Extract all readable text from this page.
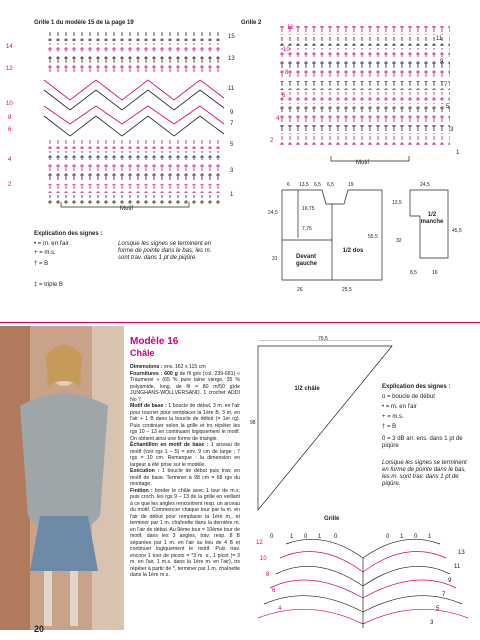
Grille 1 du modèle 15 de la page 19	Grille 2
14
12
10
8
6
4
2
15
13
11
9
7
5
3
1
Motif
12
10
8
6
4
2
11
9
7
5
3
1
Motif
Explication des signes :
• = m. en l'air
+ = m.s.
† = B
‡ = triple B
Lorsque les signes se terminent en forme de pointe dans le bas, les m. sont trav. dans 1 pt de piqûre.
6 13,5 6,5 6,5	19
24,5
31
16,75
7,75
55,5
26	25,5
Devant gauche
1/2 dos
24,5
13,5
32
45,5
8,5	16
1/2 manche
Modèle 16
Châle

Dimensions : env. 162 x 115 cm

Fournitures : 600 g de fil gris (col. 239-681) « Träumerei » (65 % pure laine vierge, 35 % polyamide, long. de fil = 80 m/50 g)de JUNGHANS-WOLLVERSAND. 1 crochet ADDI No 7

Motif de base : 1 boucle de début, 3 m. en l'air pour tourner pour remplacer la 1ère B, 3 m. en l'air + 1 B dans la boucle de début (= 1er rg). Puis continuer selon la grille et trs répéter les rgs 10 – 13 en continuant logiquement le motif. On obtient ainsi une forme de triangle.

Échantillon en motif de base : 1 arceau de motif (voir rgs 1 – 5) = env. 9 cm de large ; 7 rgs = 10 cm. Remarque : la dimension en largeur a été prise sur le modèle.

Exécution : 1 boucle de début puis trav. en motif de base. Terminer à 98 cm = 68 rgs du montage.

Finition : border le châle avec 1 tour de m.s. puis croch. les rgs 9 – 13 de la grille en veillant à ce que les angles rencontrent resp. un arceau du motif. Commencer chaque tour par la m. en l'air de début pour remplacer la 1ère m., et terminer par 1 m. chaînette dans la dernière m. en l'air de début. Au 9ème tour = 10ème tour de motif, dans les 3 angles, trav. resp. 8 B séparées par 1 m. en l'air au lieu de 4 B et continuer logiquement le motif. Puis trav. encore 1 tour de picots = *3 m. s., 1 picot (= 3 m. en l'air, 1 m.s. dans la 1ère m. en l'air), trs répéter à partir de *, terminer par 1 m. chaînette dans la 1ère m.s.

76,5
98
1/2 châle
Grille
Explication des signes :
o = boucle de début
• = m. en l'air
+ = m.s.
† = B
0 = 3 dB arr. ens. dans 1 pt de piqûre
Lorsque les signes se terminent en forme de pointe dans le bas, les m. sont trav. dans 1 pt de piqûre.
0	1 0 1 0	0 1 0 1
12
10
8
6
4
13
11
9
7
5
3
20
